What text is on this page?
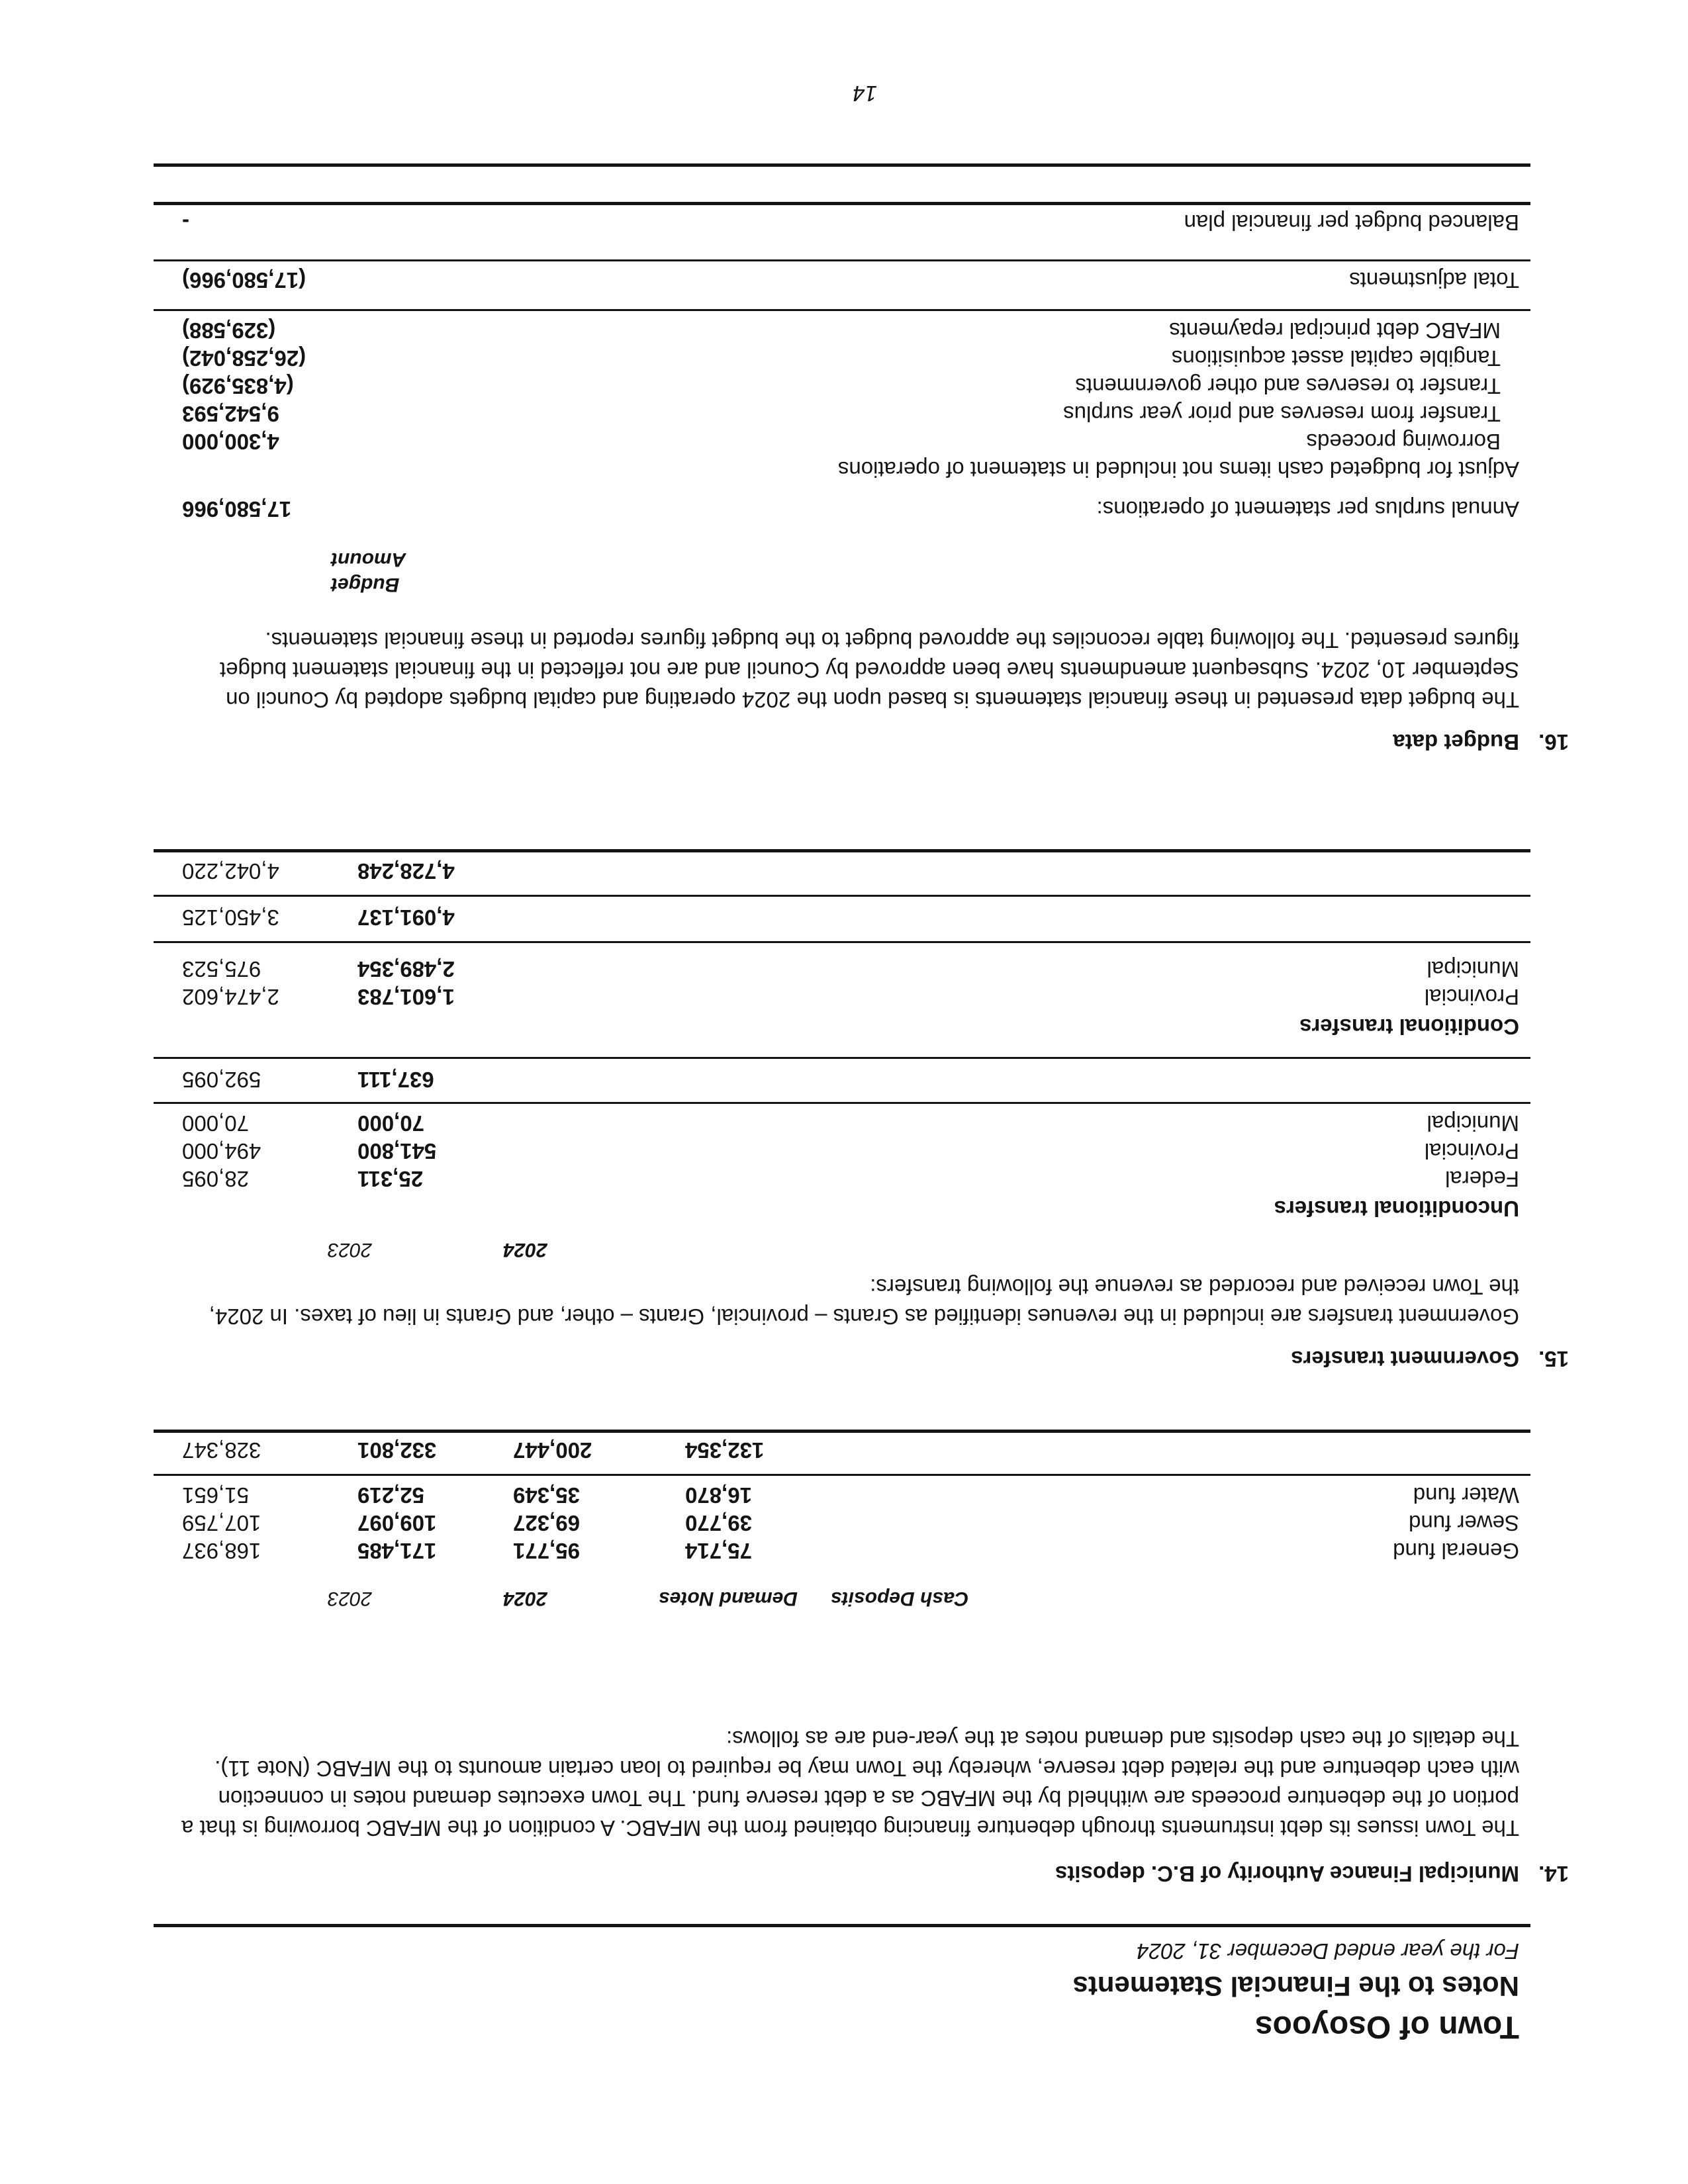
Town of Osoyoos
Notes to the Financial Statements
For the year ended December 31, 2024
14.
Municipal Finance Authority of B.C. deposits

The Town issues its debt instruments through debenture financing obtained from the MFABC. A condition of the MFABC borrowing is that a portion of the debenture proceeds are withheld by the MFABC as a debt reserve fund. The Town executes demand notes in connection with each debenture and the related debt reserve, whereby the Town may be required to loan certain amounts to the MFABC (Note 11). The details of the cash deposits and demand notes at the year-end are as follows:

Cash Deposits
Demand Notes
2024
2023
General fund
75,714
95,771
171,485
168,937
Sewer fund
39,770
69,327
109,097
107,759
Water fund
16,870
35,349
52,219
51,651
132,354
200,447
332,801
328,347
15.
Government transfers

Government transfers are included in the revenues identified as Grants – provincial, Grants – other, and Grants in lieu of taxes. In 2024, the Town received and recorded as revenue the following transfers:

2024
2023
Unconditional transfers
Federal
25,311
28,095
Provincial
541,800
494,000
Municipal
70,000
70,000
637,111
592,095
Conditional transfers
Provincial
1,601,783
2,474,602
Municipal
2,489,354
975,523
4,091,137
3,450,125
4,728,248
4,042,220
16.
Budget data

The budget data presented in these financial statements is based upon the 2024 operating and capital budgets adopted by Council on September 10, 2024. Subsequent amendments have been approved by Council and are not reflected in the financial statement budget figures presented. The following table reconciles the approved budget to the budget figures reported in these financial statements.

Budget
Amount
Annual surplus per statement of operations:
17,580,966
Adjust for budgeted cash items not included in statement of operations
Borrowing proceeds
4,300,000
Transfer from reserves and prior year surplus
9,542,593
Transfer to reserves and other governments
(4,835,929)
Tangible capital asset acquisitions
(26,258,042)
MFABC debt principal repayments
(329,588)
Total adjustments
(17,580,966)
Balanced budget per financial plan
-
14
